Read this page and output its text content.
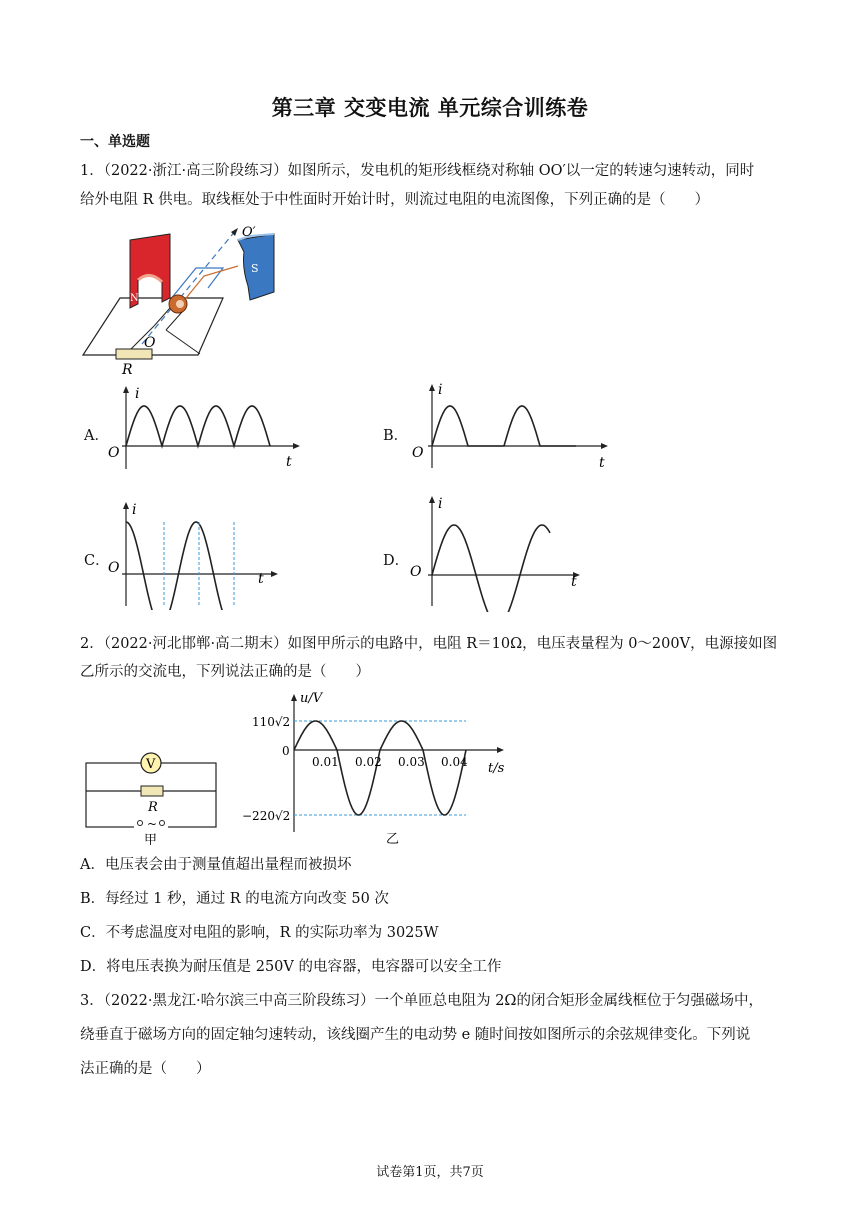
第三章 交变电流 单元综合训练卷
一、单选题
1．（2022·浙江·高三阶段练习）如图所示，发电机的矩形线框绕对称轴 OO′以一定的转速匀速转动，同时
给外电阻 R 供电。取线框处于中性面时开始计时，则流过电阻的电流图像，下列正确的是（　　）
N
S
O
O′
R
A．
i
O
t
B．
i
O
t
C．
i
O
t
D．
i
O
t
2．（2022·河北邯郸·高二期末）如图甲所示的电路中，电阻 R＝10Ω，电压表量程为 0～200V，电源接如图
乙所示的交流电，下列说法正确的是（　　）
V
R
~
甲
u/V
110√2
0
−220√2
0.01 0.02 0.03 0.04 t/s
乙
A．电压表会由于测量值超出量程而被损坏
B．每经过 1 秒，通过 R 的电流方向改变 50 次
C．不考虑温度对电阻的影响，R 的实际功率为 3025W
D．将电压表换为耐压值是 250V 的电容器，电容器可以安全工作
3．（2022·黑龙江·哈尔滨三中高三阶段练习）一个单匝总电阻为 2Ω的闭合矩形金属线框位于匀强磁场中，
绕垂直于磁场方向的固定轴匀速转动，该线圈产生的电动势 e 随时间按如图所示的余弦规律变化。下列说
法正确的是（　　）
试卷第1页，共7页
